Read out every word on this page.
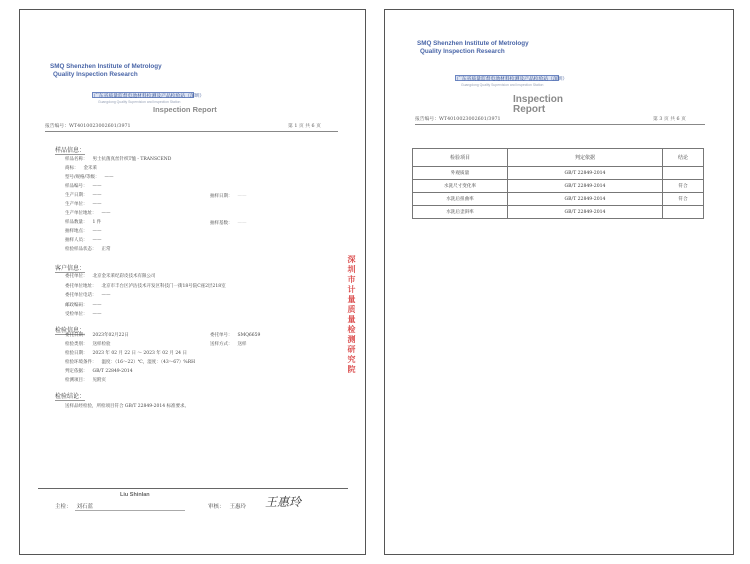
SMQ Shenzhen Institute of Metrology
Quality Inspection Research
广东省质量监督电池材料检测及产品检验站（深圳）
Guangdong Quality Supervision and Inspection Station
Inspection Report
报告编号：WT4010023002601/3971	第 1 页 共 6 页
样品信息：
样品名称： 男士抗菌真丝针织T恤 - TRANSCEND
商标： 金禾莱
型号/规格/等级： ——
样品编号： ——
生产日期： ——
生产单位： ——
生产单位地址： ——
样品数量： 1 件
抽样地点： ——
抽样人员： ——
检验样品状态： 正常
抽样日期： ——
抽样基数： ——
客户信息：
委托单位： 北京金禾莱纪彩皮技术有限公司
委托单位地址： 北京市丰台区泸沽技术开发区科技门一街18号院C座2层218室
委托单位电话： ——
邮政编码： ——
受检单位： ——
检验信息：
委托日期： 2023年02月22日
检验类别： 送样检验
检验日期： 2023 年 02 月 22 日 ～ 2023 年 02 月 24 日
检验环境条件： 温度：（16～22）℃，湿度：（43～67）%RH
判定依据： GB/T 22849-2014
检测项目： 见附页
委托单号： SMQ6659
送样方式： 送样
检验结论：
送样品经检验，所检项目符合 GB/T 22849-2014 标准要求。
Liu Shinlan
主检： 刘石蓝	审核： 王惠玲 王惠玲
深圳市计量质量检测研究院
SMQ Shenzhen Institute of Metrology
Quality Inspection Research
广东省质量监督电池材料检测及产品检验站（深圳）
Guangdong Quality Supervision and Inspection Station
Inspection Report
报告编号：WT4010023002601/3971	第 3 页 共 6 页
检验项目	判定依据	结论
外观质量	GB/T 22849-2014	
水洗尺寸变化率	GB/T 22849-2014	符合
水洗后扭曲率	GB/T 22849-2014	符合
水洗后歪斜率	GB/T 22849-2014	
